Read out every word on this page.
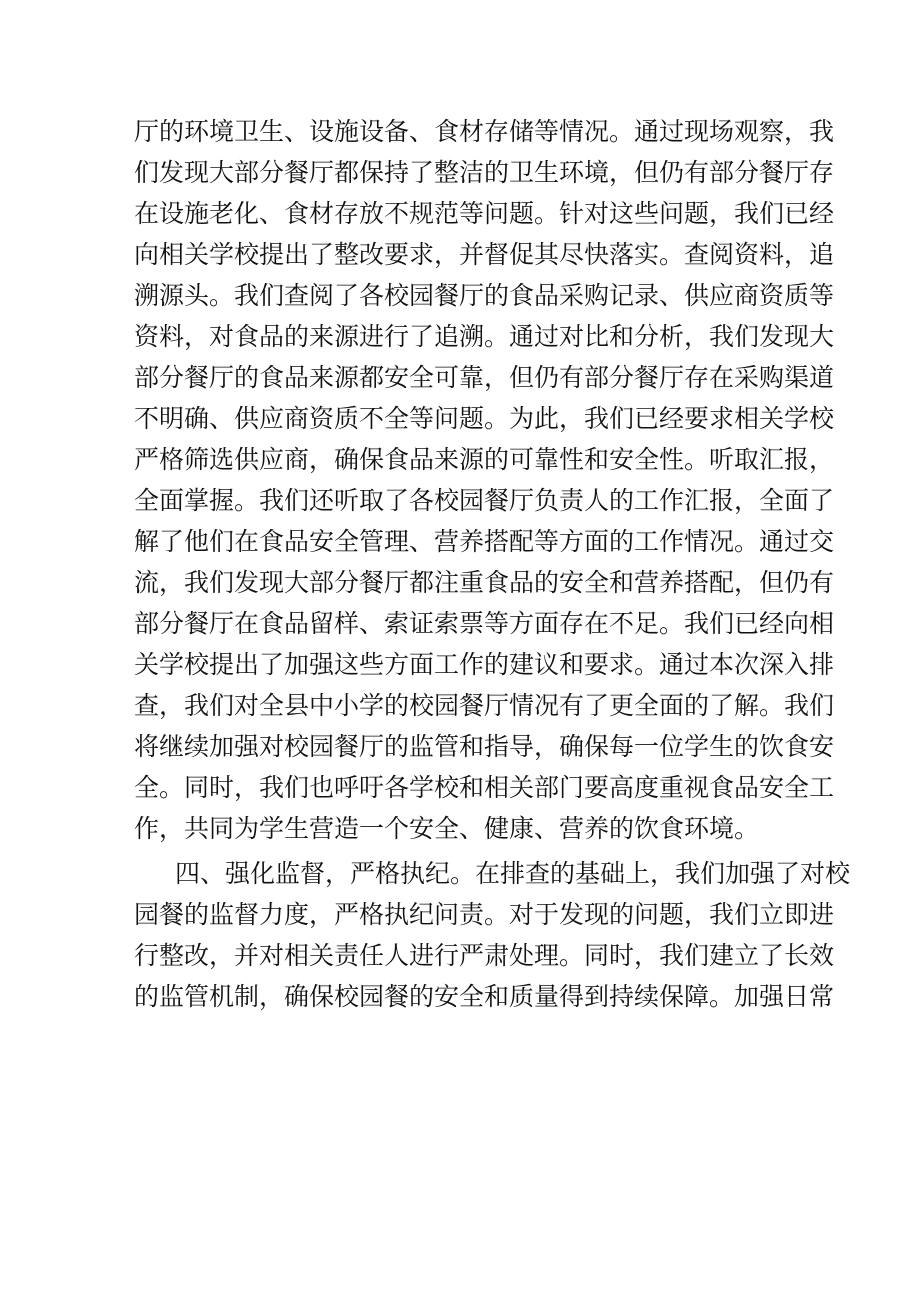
厅的环境卫生、设施设备、食材存储等情况。通过现场观察，我
们发现大部分餐厅都保持了整洁的卫生环境，但仍有部分餐厅存
在设施老化、食材存放不规范等问题。针对这些问题，我们已经
向相关学校提出了整改要求，并督促其尽快落实。查阅资料，追
溯源头。我们查阅了各校园餐厅的食品采购记录、供应商资质等
资料，对食品的来源进行了追溯。通过对比和分析，我们发现大
部分餐厅的食品来源都安全可靠，但仍有部分餐厅存在采购渠道
不明确、供应商资质不全等问题。为此，我们已经要求相关学校
严格筛选供应商，确保食品来源的可靠性和安全性。听取汇报，
全面掌握。我们还听取了各校园餐厅负责人的工作汇报，全面了
解了他们在食品安全管理、营养搭配等方面的工作情况。通过交
流，我们发现大部分餐厅都注重食品的安全和营养搭配，但仍有
部分餐厅在食品留样、索证索票等方面存在不足。我们已经向相
关学校提出了加强这些方面工作的建议和要求。通过本次深入排
查，我们对全县中小学的校园餐厅情况有了更全面的了解。我们
将继续加强对校园餐厅的监管和指导，确保每一位学生的饮食安
全。同时，我们也呼吁各学校和相关部门要高度重视食品安全工
作，共同为学生营造一个安全、健康、营养的饮食环境。
四、强化监督，严格执纪。在排查的基础上，我们加强了对校
园餐的监督力度，严格执纪问责。对于发现的问题，我们立即进
行整改，并对相关责任人进行严肃处理。同时，我们建立了长效
的监管机制，确保校园餐的安全和质量得到持续保障。加强日常
